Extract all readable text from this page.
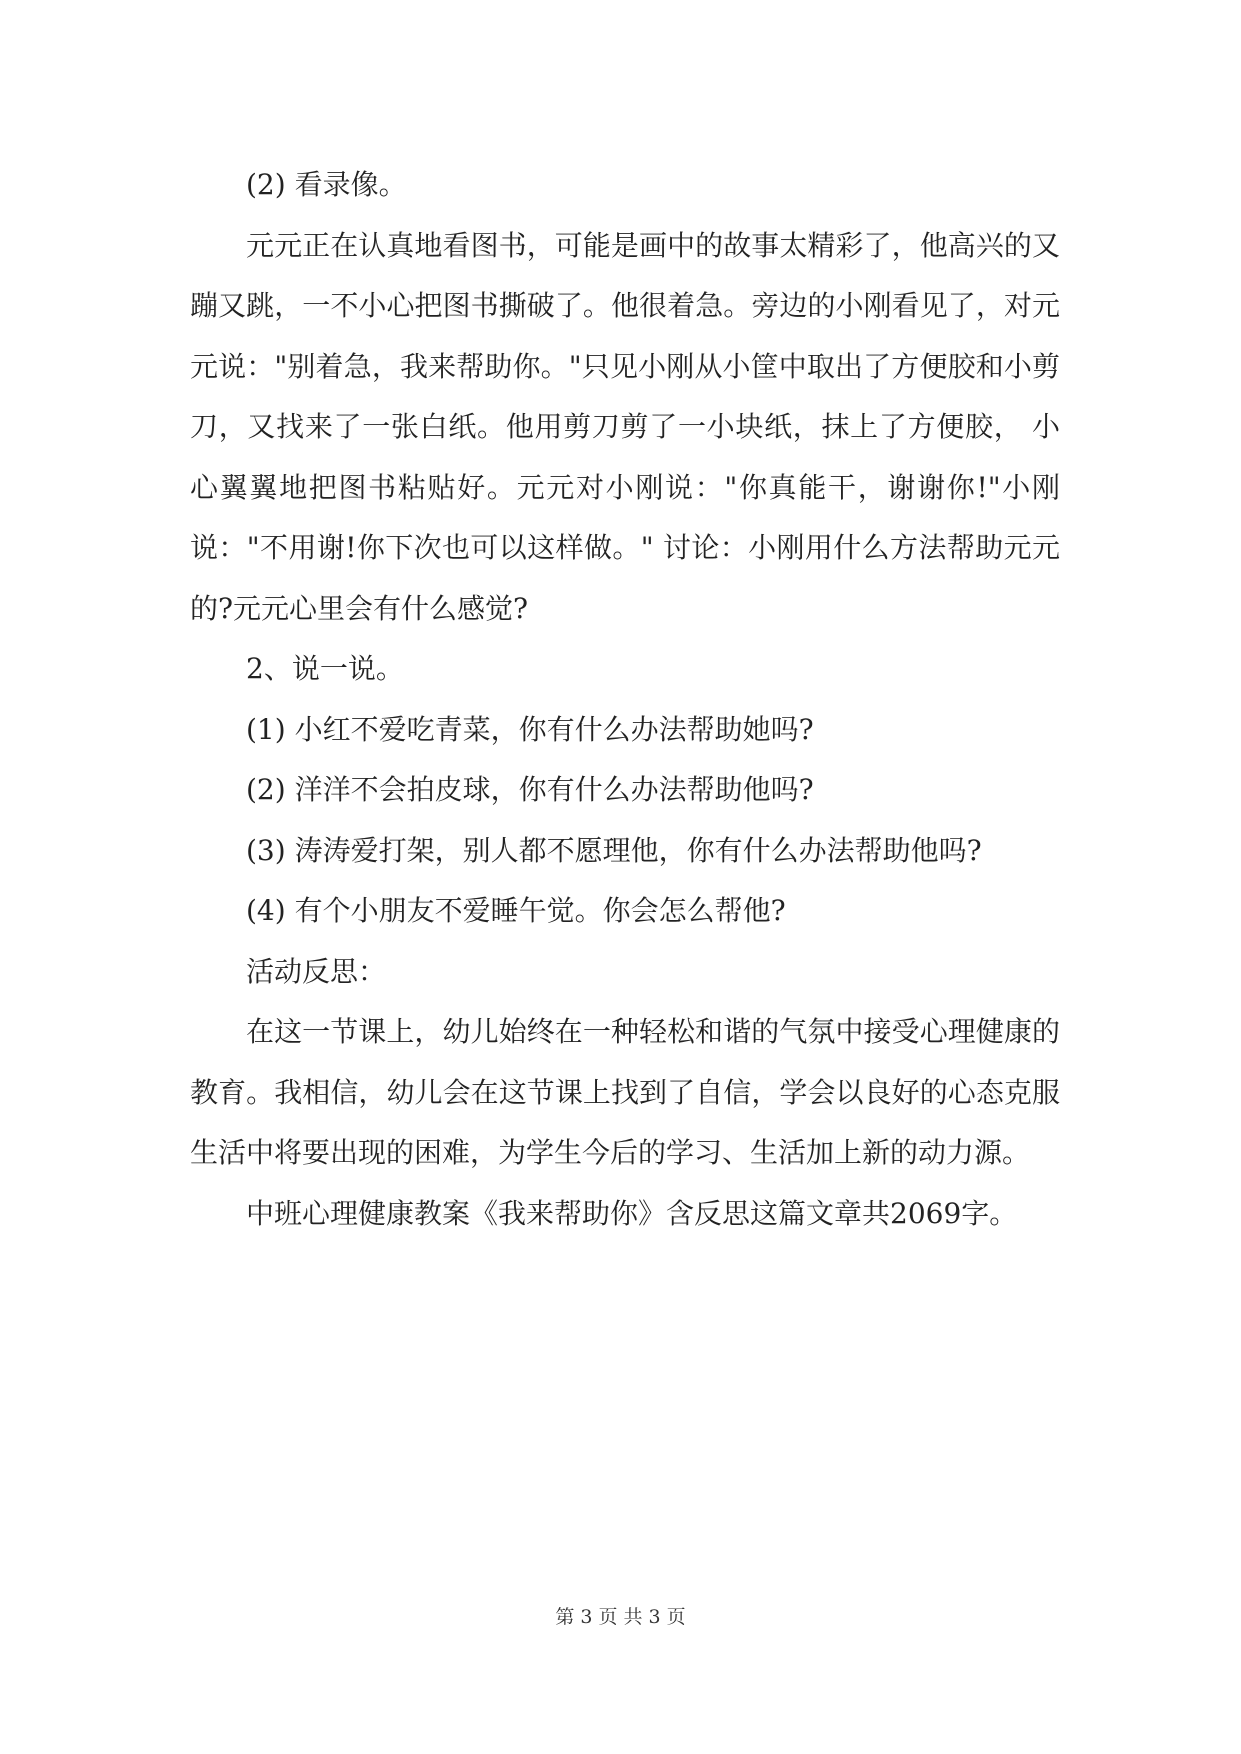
(2) 看录像。

元元正在认真地看图书，可能是画中的故事太精彩了，他高兴的又蹦又跳，一不小心把图书撕破了。他很着急。旁边的小刚看见了，对元元说："别着急，我来帮助你。"只见小刚从小筐中取出了方便胶和小剪刀，又找来了一张白纸。他用剪刀剪了一小块纸，抹上了方便胶， 小心翼翼地把图书粘贴好。元元对小刚说："你真能干，谢谢你!"小刚说："不用谢!你下次也可以这样做。" 讨论：小刚用什么方法帮助元元的?元元心里会有什么感觉?

2、说一说。

(1) 小红不爱吃青菜，你有什么办法帮助她吗?

(2) 洋洋不会拍皮球，你有什么办法帮助他吗?

(3) 涛涛爱打架，别人都不愿理他，你有什么办法帮助他吗?

(4) 有个小朋友不爱睡午觉。你会怎么帮他?

活动反思：

在这一节课上，幼儿始终在一种轻松和谐的气氛中接受心理健康的教育。我相信，幼儿会在这节课上找到了自信，学会以良好的心态克服生活中将要出现的困难，为学生今后的学习、生活加上新的动力源。

中班心理健康教案《我来帮助你》含反思这篇文章共2069字。

第 3 页 共 3 页
